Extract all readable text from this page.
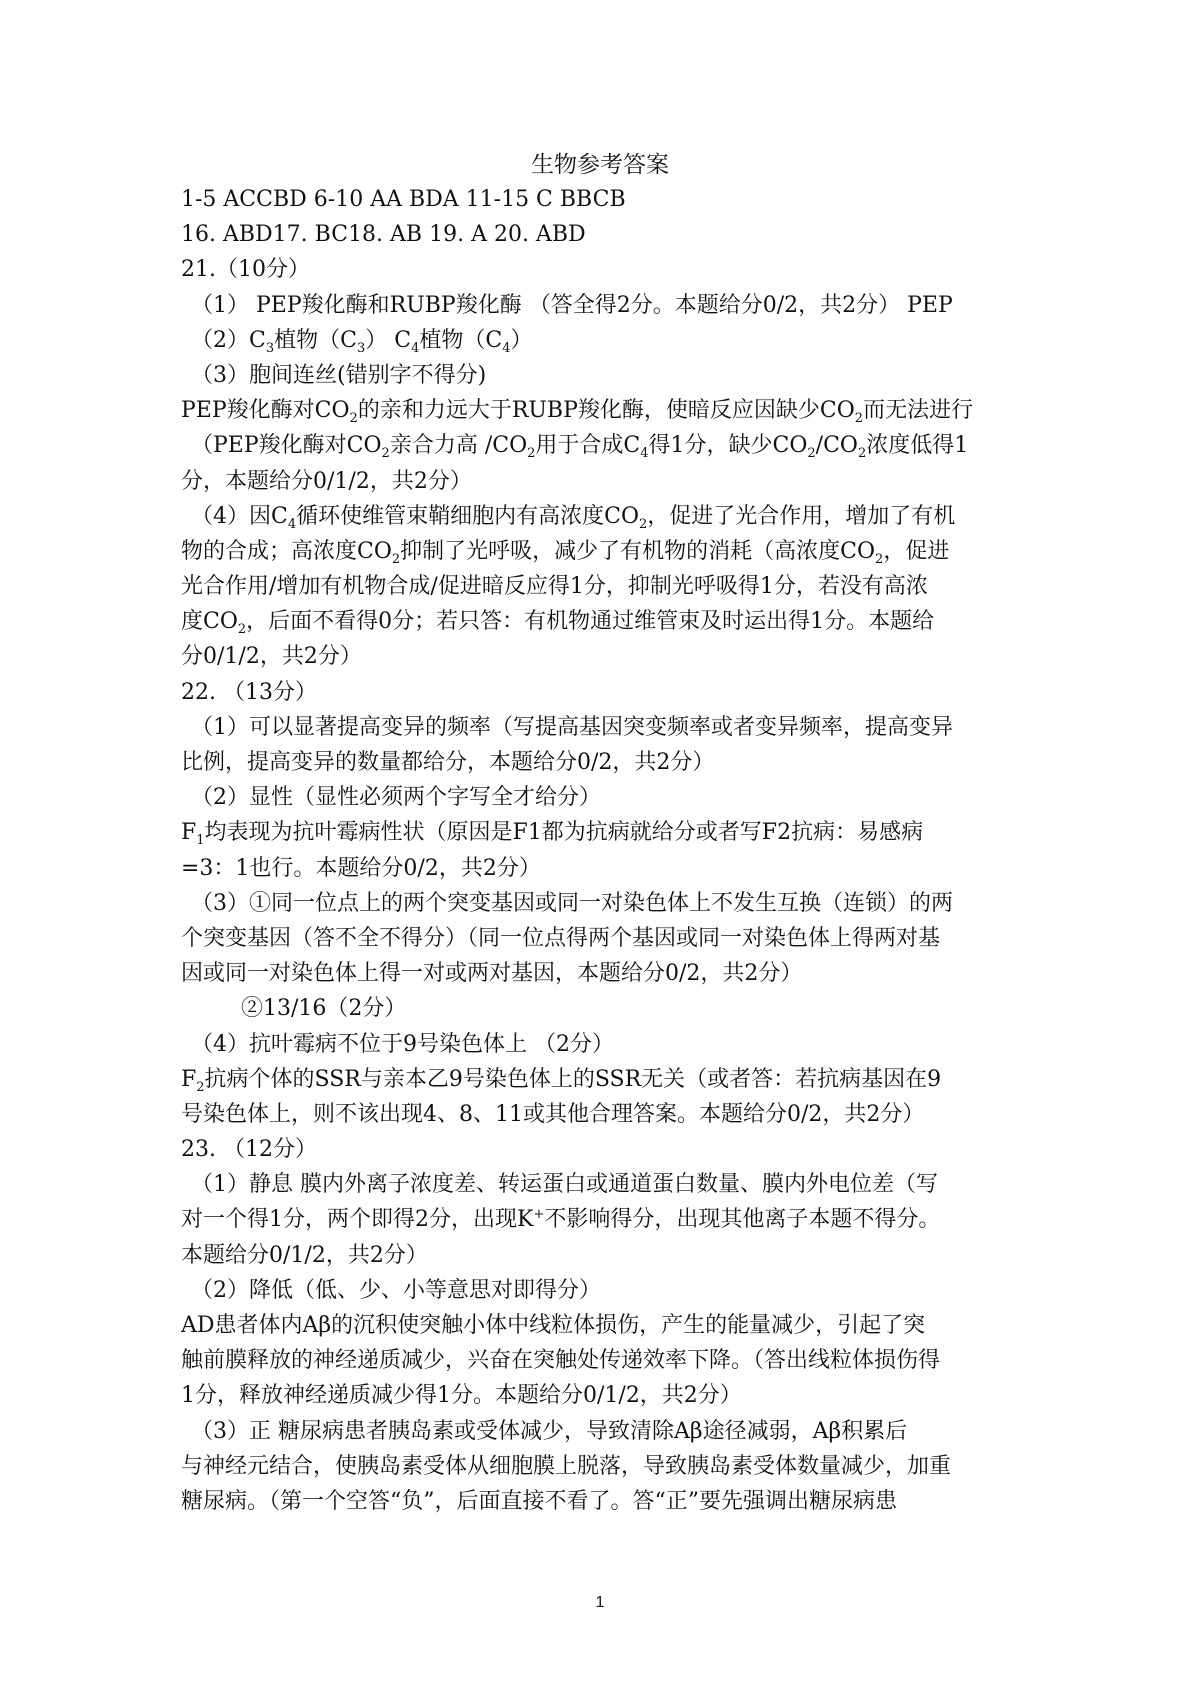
生物参考答案
1-5 ACCBD 6-10 AA BDA 11-15 C BBCB
16. ABD17. BC18. AB 19. A 20. ABD
21.（10分）
（1） PEP羧化酶和RUBP羧化酶 （答全得2分。本题给分0/2，共2分） PEP
$(2)C_3$植物$(C_3)$ $C_4$植物$(C_4)$
（3）胞间连丝(错别字不得分)
PEP羧化酶对$CO_2$的亲和力远大于RUBP羧化酶，使暗反应因缺少$CO_2$而无法进行
（PEP羧化酶对$CO_2$亲合力高 $/CO_2$用于合成$C_4$得1分，缺少$CO_2/CO_2$浓度低得1
分，本题给分0/1/2，共2分）
（4）因$C_4$循环使维管束鞘细胞内有高浓度$CO_2$，促进了光合作用，增加了有机
物的合成；高浓度$CO_2$抑制了光呼吸，减少了有机物的消耗（高浓度$CO_2$，促进
光合作用/增加有机物合成/促进暗反应得1分，抑制光呼吸得1分，若没有高浓
度$CO_2$，后面不看得0分；若只答：有机物通过维管束及时运出得1分。本题给
分0/1/2，共2分）
22. （13分）
（1）可以显著提高变异的频率（写提高基因突变频率或者变异频率，提高变异
比例，提高变异的数量都给分，本题给分0/2，共2分）
（2）显性（显性必须两个字写全才给分）
$F_1$均表现为抗叶霉病性状（原因是F1都为抗病就给分或者写F2抗病：易感病
=3：1也行。本题给分0/2，共2分）
（3）①同一位点上的两个突变基因或同一对染色体上不发生互换（连锁）的两
个突变基因（答不全不得分）（同一位点得两个基因或同一对染色体上得两对基
因或同一对染色体上得一对或两对基因，本题给分0/2，共2分）
②13/16（2分）
（4）抗叶霉病不位于9号染色体上 （2分）
$F_2$抗病个体的SSR与亲本乙9号染色体上的SSR无关（或者答：若抗病基因在9
号染色体上，则不该出现4、8、11或其他合理答案。本题给分0/2，共2分）
23. （12分）
（1）静息 膜内外离子浓度差、转运蛋白或通道蛋白数量、膜内外电位差（写
对一个得1分，两个即得2分，出现K+不影响得分，出现其他离子本题不得分。
本题给分0/1/2，共2分）
（2）降低（低、少、小等意思对即得分）
AD患者体内Aβ的沉积使突触小体中线粒体损伤，产生的能量减少，引起了突
触前膜释放的神经递质减少，兴奋在突触处传递效率下降。（答出线粒体损伤得
1分，释放神经递质减少得1分。本题给分0/1/2，共2分）
（3）正 糖尿病患者胰岛素或受体减少，导致清除Aβ途径减弱，Aβ积累后
与神经元结合，使胰岛素受体从细胞膜上脱落，导致胰岛素受体数量减少，加重
糖尿病。（第一个空答“负”，后面直接不看了。答“正”要先强调出糖尿病患
1
